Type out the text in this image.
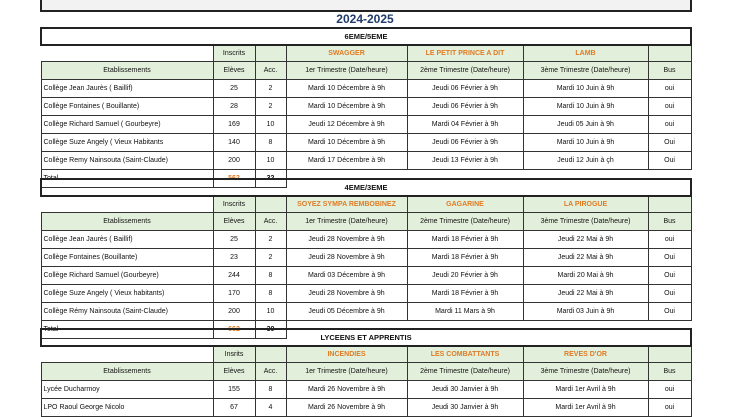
2024-2025
6EME/5EME						
	Inscrits		SWAGGER	LE PETIT PRINCE A DIT	LAMB	
Etablissements	Elèves	Acc.	1er Trimestre (Date/heure)	2ème Trimestre (Date/heure)	3ème Trimestre (Date/heure)	Bus
Collège Jean Jaurès ( Baillif)	25	2	Mardi 10 Décembre à 9h	Jeudi 06 Février à 9h	Mardi 10 Juin à 9h	oui
Collège Fontaines ( Bouillante)	28	2	Mardi 10 Décembre à 9h	Jeudi 06 Février à 9h	Mardi 10 Juin à 9h	oui
Collège Richard Samuel ( Gourbeyre)	169	10	Jeudi 12 Décembre à 9h	Mardi 04 Février à 9h	Jeudi 05 Juin à 9h	oui
Collège Suze Angely ( Vieux Habitants	140	8	Mardi 10 Décembre à 9h	Jeudi 06 Février à 9h	Mardi 10 Juin à 9h	Oui
Collège Remy Nainsouta (Saint-Claude)	200	10	Mardi 17 Décembre à 9h	Jeudi 13 Février à 9h	Jeudi 12 Juin à çh	Oui
Total	562	32				
4EME/3EME						
	Inscrits		SOYEZ SYMPA REMBOBINEZ	GAGARINE	LA PIROGUE	
Etablissements	Elèves	Acc.	1er Trimestre (Date/heure)	2ème Trimestre (Date/heure)	3ème Trimestre (Date/heure)	Bus
Collège Jean Jaurès ( Baillif)	25	2	Jeudi 28 Novembre à 9h	Mardi 18 Février à 9h	Jeudi 22 Mai à 9h	oui
Collège Fontaines (Bouillante)	23	2	Jeudi 28 Novembre à 9h	Mardi 18 Février à 9h	Jeudi 22 Mai à 9h	Oui
Collège Richard Samuel (Gourbeyre)	244	8	Mardi 03 Décembre à 9h	Jeudi 20 Février à 9h	Mardi 20 Mai à 9h	Oui
Collège Suze Angely ( Vieux habitants)	170	8	Jeudi 28 Novembre à 9h	Mardi 18 Février à 9h	Jeudi 22 Mai à 9h	Oui
Collège Rémy Nainsouta (Saint-Claude)	200	10	Jeudi 05 Décembre à 9h	Mardi 11 Mars à 9h	Mardi 03 Juin à 9h	Oui
Total	662	30				
LYCEENS ET APPRENTIS						
	Insrits		INCENDIES	LES COMBATTANTS	REVES D'OR	
Etablissements	Elèves	Acc.	1er Trimestre (Date/heure)	2ème Trimestre (Date/heure)	3ème Trimestre (Date/heure)	Bus
Lycée Ducharmoy	155	8	Mardi 26 Novembre à 9h	Jeudi 30 Janvier à 9h	Mardi 1er Avril à 9h	oui
LPO Raoul George Nicolo	67	4	Mardi 26 Novembre à 9h	Jeudi 30 Janvier à 9h	Mardi 1er Avril à 9h	oui
